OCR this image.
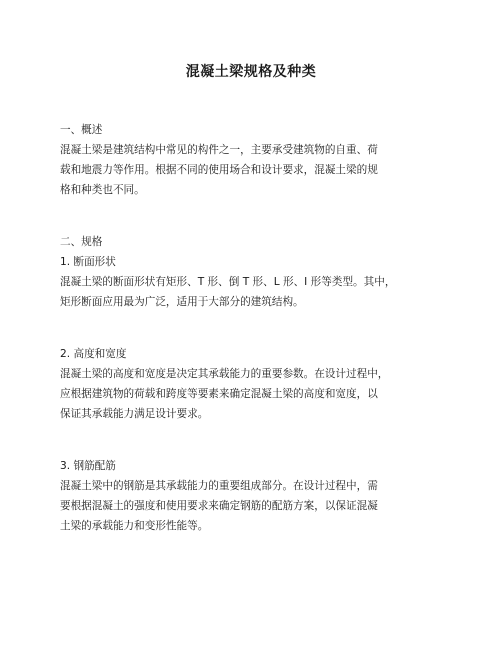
混凝土梁规格及种类
一、概述
混凝土梁是建筑结构中常见的构件之一，主要承受建筑物的自重、荷
载和地震力等作用。根据不同的使用场合和设计要求，混凝土梁的规
格和种类也不同。
二、规格
1. 断面形状
混凝土梁的断面形状有矩形、T 形、倒 T 形、L 形、I 形等类型。其中，
矩形断面应用最为广泛，适用于大部分的建筑结构。
2. 高度和宽度
混凝土梁的高度和宽度是决定其承载能力的重要参数。在设计过程中，
应根据建筑物的荷载和跨度等要素来确定混凝土梁的高度和宽度，以
保证其承载能力满足设计要求。
3. 钢筋配筋
混凝土梁中的钢筋是其承载能力的重要组成部分。在设计过程中，需
要根据混凝土的强度和使用要求来确定钢筋的配筋方案，以保证混凝
土梁的承载能力和变形性能等。
